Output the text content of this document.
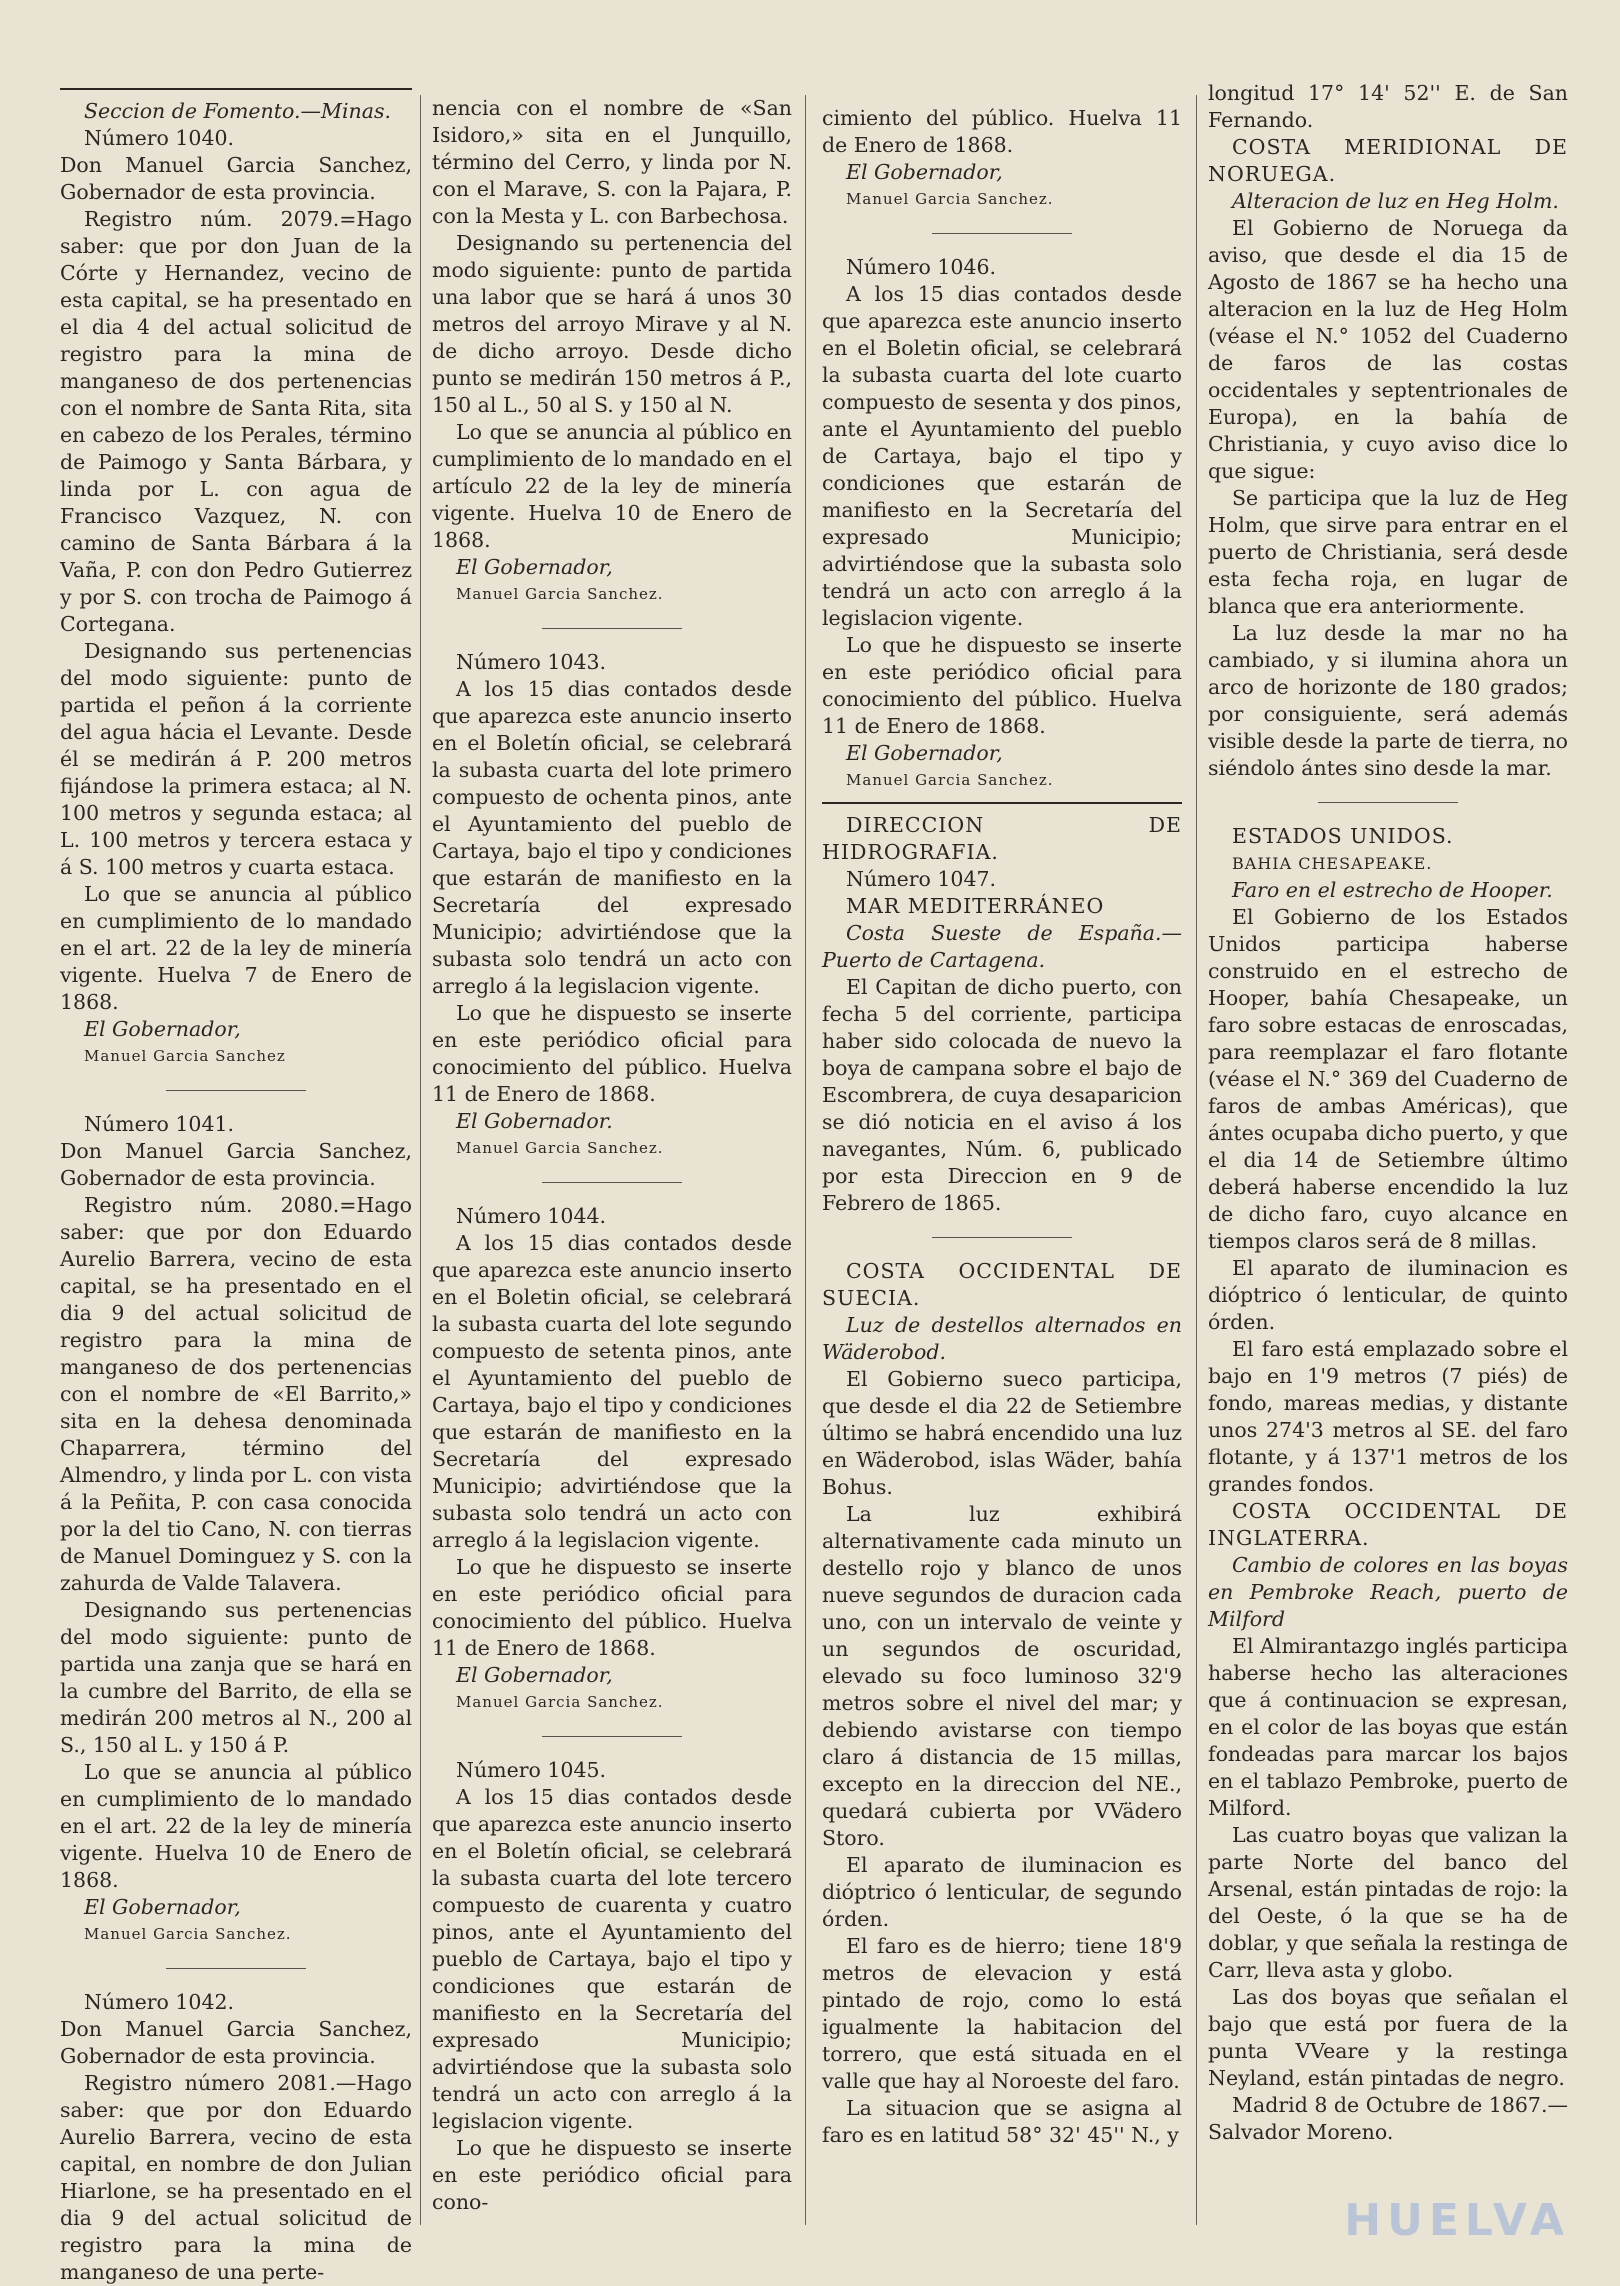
Seccion de Fomento.—Minas.

Número 1040.

Don Manuel Garcia Sanchez, Gobernador de esta provincia.

Registro núm. 2079.=Hago saber: que por don Juan de la Córte y Hernandez, vecino de esta capital, se ha presentado en el dia 4 del actual solicitud de registro para la mina de manganeso de dos pertenencias con el nombre de Santa Rita, sita en cabezo de los Perales, término de Paimogo y Santa Bárbara, y linda por L. con agua de Francisco Vazquez, N. con camino de Santa Bárbara á la Vaña, P. con don Pedro Gutierrez y por S. con trocha de Paimogo á Cortegana.

Designando sus pertenencias del modo siguiente: punto de partida el peñon á la corriente del agua hácia el Levante. Desde él se medirán á P. 200 metros fijándose la primera estaca; al N. 100 metros y segunda estaca; al L. 100 metros y tercera estaca y á S. 100 metros y cuarta estaca.

Lo que se anuncia al público en cumplimiento de lo mandado en el art. 22 de la ley de minería vigente. Huelva 7 de Enero de 1868.

El Gobernador,

Manuel Garcia Sanchez

Número 1041.

Don Manuel Garcia Sanchez, Gobernador de esta provincia.

Registro núm. 2080.=Hago saber: que por don Eduardo Aurelio Barrera, vecino de esta capital, se ha presentado en el dia 9 del actual solicitud de registro para la mina de manganeso de dos pertenencias con el nombre de «El Barrito,» sita en la dehesa denominada Chaparrera, término del Almendro, y linda por L. con vista á la Peñita, P. con casa conocida por la del tio Cano, N. con tierras de Manuel Dominguez y S. con la zahurda de Valde Talavera.

Designando sus pertenencias del modo siguiente: punto de partida una zanja que se hará en la cumbre del Barrito, de ella se medirán 200 metros al N., 200 al S., 150 al L. y 150 á P.

Lo que se anuncia al público en cumplimiento de lo mandado en el art. 22 de la ley de minería vigente. Huelva 10 de Enero de 1868.

El Gobernador,

Manuel Garcia Sanchez.

Número 1042.

Don Manuel Garcia Sanchez, Gobernador de esta provincia.

Registro número 2081.—Hago saber: que por don Eduardo Aurelio Barrera, vecino de esta capital, en nombre de don Julian Hiarlone, se ha presentado en el dia 9 del actual solicitud de registro para la mina de manganeso de una perte-

nencia con el nombre de «San Isidoro,» sita en el Junquillo, término del Cerro, y linda por N. con el Marave, S. con la Pajara, P. con la Mesta y L. con Barbechosa.

Designando su pertenencia del modo siguiente: punto de partida una labor que se hará á unos 30 metros del arroyo Mirave y al N. de dicho arroyo. Desde dicho punto se medirán 150 metros á P., 150 al L., 50 al S. y 150 al N.

Lo que se anuncia al público en cumplimiento de lo mandado en el artículo 22 de la ley de minería vigente. Huelva 10 de Enero de 1868.

El Gobernador,

Manuel Garcia Sanchez.

Número 1043.

A los 15 dias contados desde que aparezca este anuncio inserto en el Boletín oficial, se celebrará la subasta cuarta del lote primero compuesto de ochenta pinos, ante el Ayuntamiento del pueblo de Cartaya, bajo el tipo y condiciones que estarán de manifiesto en la Secretaría del expresado Municipio; advirtiéndose que la subasta solo tendrá un acto con arreglo á la legislacion vigente.

Lo que he dispuesto se inserte en este periódico oficial para conocimiento del público. Huelva 11 de Enero de 1868.

El Gobernador.

Manuel Garcia Sanchez.

Número 1044.

A los 15 dias contados desde que aparezca este anuncio inserto en el Boletin oficial, se celebrará la subasta cuarta del lote segundo compuesto de setenta pinos, ante el Ayuntamiento del pueblo de Cartaya, bajo el tipo y condiciones que estarán de manifiesto en la Secretaría del expresado Municipio; advirtiéndose que la subasta solo tendrá un acto con arreglo á la legislacion vigente.

Lo que he dispuesto se inserte en este periódico oficial para conocimiento del público. Huelva 11 de Enero de 1868.

El Gobernador,

Manuel Garcia Sanchez.

Número 1045.

A los 15 dias contados desde que aparezca este anuncio inserto en el Boletín oficial, se celebrará la subasta cuarta del lote tercero compuesto de cuarenta y cuatro pinos, ante el Ayuntamiento del pueblo de Cartaya, bajo el tipo y condiciones que estarán de manifiesto en la Secretaría del expresado Municipio; advirtiéndose que la subasta solo tendrá un acto con arreglo á la legislacion vigente.

Lo que he dispuesto se inserte en este periódico oficial para cono-

cimiento del público. Huelva 11 de Enero de 1868.

El Gobernador,

Manuel Garcia Sanchez.

Número 1046.

A los 15 dias contados desde que aparezca este anuncio inserto en el Boletin oficial, se celebrará la subasta cuarta del lote cuarto compuesto de sesenta y dos pinos, ante el Ayuntamiento del pueblo de Cartaya, bajo el tipo y condiciones que estarán de manifiesto en la Secretaría del expresado Municipio; advirtiéndose que la subasta solo tendrá un acto con arreglo á la legislacion vigente.

Lo que he dispuesto se inserte en este periódico oficial para conocimiento del público. Huelva 11 de Enero de 1868.

El Gobernador,

Manuel Garcia Sanchez.

DIRECCION DE HIDROGRAFIA.

Número 1047.

MAR MEDITERRÁNEO

Costa Sueste de España.—Puerto de Cartagena.

El Capitan de dicho puerto, con fecha 5 del corriente, participa haber sido colocada de nuevo la boya de campana sobre el bajo de Escombrera, de cuya desaparicion se dió noticia en el aviso á los navegantes, Núm. 6, publicado por esta Direccion en 9 de Febrero de 1865.

COSTA OCCIDENTAL DE SUECIA.

Luz de destellos alternados en Wäderobod.

El Gobierno sueco participa, que desde el dia 22 de Setiembre último se habrá encendido una luz en Wäderobod, islas Wäder, bahía Bohus.

La luz exhibirá alternativamente cada minuto un destello rojo y blanco de unos nueve segundos de duracion cada uno, con un intervalo de veinte y un segundos de oscuridad, elevado su foco luminoso 32'9 metros sobre el nivel del mar; y debiendo avistarse con tiempo claro á distancia de 15 millas, excepto en la direccion del NE., quedará cubierta por VVädero Storo.

El aparato de iluminacion es dióptrico ó lenticular, de segundo órden.

El faro es de hierro; tiene 18'9 metros de elevacion y está pintado de rojo, como lo está igualmente la habitacion del torrero, que está situada en el valle que hay al Noroeste del faro.

La situacion que se asigna al faro es en latitud 58° 32' 45'' N., y

longitud 17° 14' 52'' E. de San Fernando.

COSTA MERIDIONAL DE NORUEGA.

Alteracion de luz en Heg Holm.

El Gobierno de Noruega da aviso, que desde el dia 15 de Agosto de 1867 se ha hecho una alteracion en la luz de Heg Holm (véase el N.° 1052 del Cuaderno de faros de las costas occidentales y septentrionales de Europa), en la bahía de Christiania, y cuyo aviso dice lo que sigue:

Se participa que la luz de Heg Holm, que sirve para entrar en el puerto de Christiania, será desde esta fecha roja, en lugar de blanca que era anteriormente.

La luz desde la mar no ha cambiado, y si ilumina ahora un arco de horizonte de 180 grados; por consiguiente, será además visible desde la parte de tierra, no siéndolo ántes sino desde la mar.

ESTADOS UNIDOS.

BAHIA CHESAPEAKE.

Faro en el estrecho de Hooper.

El Gobierno de los Estados Unidos participa haberse construido en el estrecho de Hooper, bahía Chesapeake, un faro sobre estacas de enroscadas, para reemplazar el faro flotante (véase el N.° 369 del Cuaderno de faros de ambas Américas), que ántes ocupaba dicho puerto, y que el dia 14 de Setiembre último deberá haberse encendido la luz de dicho faro, cuyo alcance en tiempos claros será de 8 millas.

El aparato de iluminacion es dióptrico ó lenticular, de quinto órden.

El faro está emplazado sobre el bajo en 1'9 metros (7 piés) de fondo, mareas medias, y distante unos 274'3 metros al SE. del faro flotante, y á 137'1 metros de los grandes fondos.

COSTA OCCIDENTAL DE INGLATERRA.

Cambio de colores en las boyas en Pembroke Reach, puerto de Milford

El Almirantazgo inglés participa haberse hecho las alteraciones que á continuacion se expresan, en el color de las boyas que están fondeadas para marcar los bajos en el tablazo Pembroke, puerto de Milford.

Las cuatro boyas que valizan la parte Norte del banco del Arsenal, están pintadas de rojo: la del Oeste, ó la que se ha de doblar, y que señala la restinga de Carr, lleva asta y globo.

Las dos boyas que señalan el bajo que está por fuera de la punta VVeare y la restinga Neyland, están pintadas de negro.

Madrid 8 de Octubre de 1867.—Salvador Moreno.

HUELVA
